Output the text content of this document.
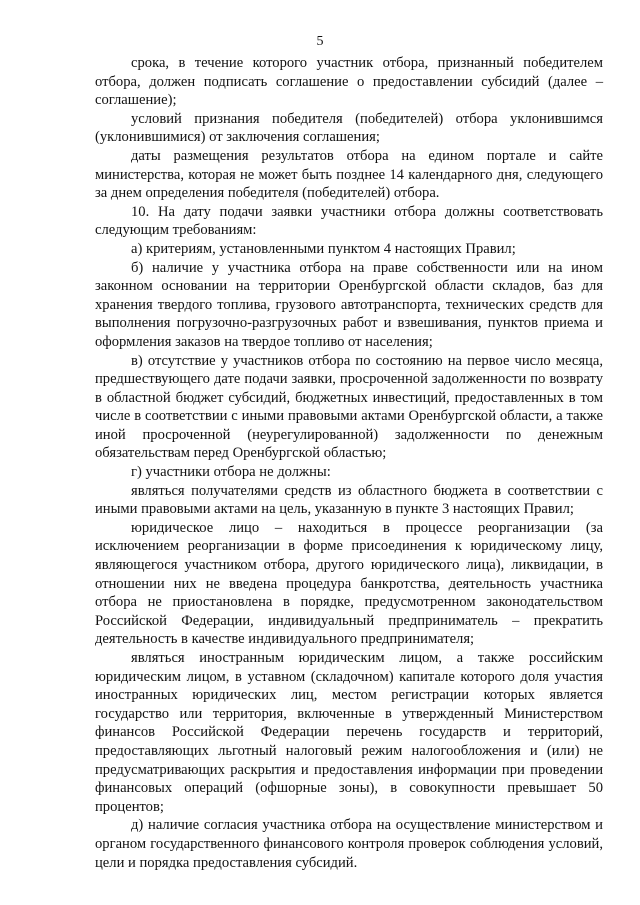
5

срока, в течение которого участник отбора, признанный победителем отбора, должен подписать соглашение о предоставлении субсидий (далее – соглашение);

условий признания победителя (победителей) отбора уклонившимся (уклонившимися) от заключения соглашения;

даты размещения результатов отбора на едином портале и сайте министерства, которая не может быть позднее 14 календарного дня, следующего за днем определения победителя (победителей) отбора.

10. На дату подачи заявки участники отбора должны соответствовать следующим требованиям:

а) критериям, установленными пунктом 4 настоящих Правил;

б) наличие у участника отбора на праве собственности или на ином законном основании на территории Оренбургской области складов, баз для хранения твердого топлива, грузового автотранспорта, технических средств для выполнения погрузочно-разгрузочных работ и взвешивания, пунктов приема и оформления заказов на твердое топливо от населения;

в) отсутствие у участников отбора по состоянию на первое число месяца, предшествующего дате подачи заявки, просроченной задолженности по возврату в областной бюджет субсидий, бюджетных инвестиций, предоставленных в том числе в соответствии с иными правовыми актами Оренбургской области, а также иной просроченной (неурегулированной) задолженности по денежным обязательствам перед Оренбургской областью;

г) участники отбора не должны:

являться получателями средств из областного бюджета в соответствии с иными правовыми актами на цель, указанную в пункте 3 настоящих Правил;

юридическое лицо – находиться в процессе реорганизации (за исключением реорганизации в форме присоединения к юридическому лицу, являющегося участником отбора, другого юридического лица), ликвидации, в отношении них не введена процедура банкротства, деятельность участника отбора не приостановлена в порядке, предусмотренном законодательством Российской Федерации, индивидуальный предприниматель – прекратить деятельность в качестве индивидуального предпринимателя;

являться иностранным юридическим лицом, а также российским юридическим лицом, в уставном (складочном) капитале которого доля участия иностранных юридических лиц, местом регистрации которых является государство или территория, включенные в утвержденный Министерством финансов Российской Федерации перечень государств и территорий, предоставляющих льготный налоговый режим налогообложения и (или) не предусматривающих раскрытия и предоставления информации при проведении финансовых операций (офшорные зоны), в совокупности превышает 50 процентов;

д) наличие согласия участника отбора на осуществление министерством и органом государственного финансового контроля проверок соблюдения условий, цели и порядка предоставления субсидий.
